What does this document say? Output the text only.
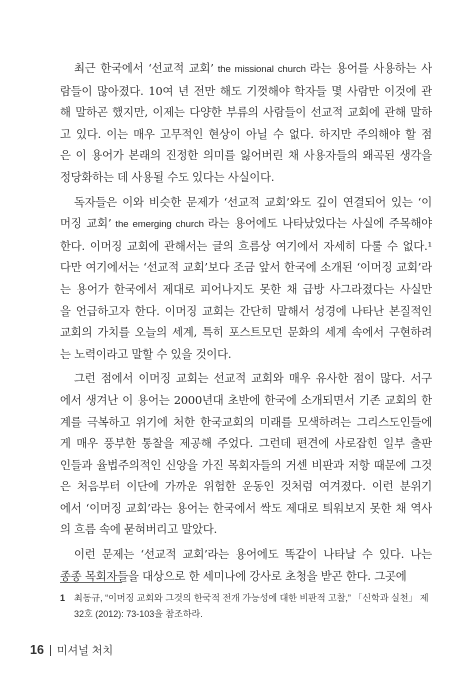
최근 한국에서 ‘선교적 교회’ the missional church 라는 용어를 사용하는 사

람들이 많아졌다. 10여 년 전만 해도 기껏해야 학자들 몇 사람만 이것에 관

해 말하곤 했지만, 이제는 다양한 부류의 사람들이 선교적 교회에 관해 말하

고 있다. 이는 매우 고무적인 현상이 아닐 수 없다. 하지만 주의해야 할 점

은 이 용어가 본래의 진정한 의미를 잃어버린 채 사용자들의 왜곡된 생각을

정당화하는 데 사용될 수도 있다는 사실이다.

독자들은 이와 비슷한 문제가 ‘선교적 교회’와도 깊이 연결되어 있는 ‘이

머징 교회’ the emerging church 라는 용어에도 나타났었다는 사실에 주목해야

한다. 이머징 교회에 관해서는 글의 흐름상 여기에서 자세히 다룰 수 없다.¹

다만 여기에서는 ‘선교적 교회’보다 조금 앞서 한국에 소개된 ‘이머징 교회’라

는 용어가 한국에서 제대로 피어나지도 못한 채 급방 사그라졌다는 사실만

을 언급하고자 한다. 이머징 교회는 간단히 말해서 성경에 나타난 본질적인

교회의 가치를 오늘의 세계, 특히 포스트모던 문화의 세계 속에서 구현하려

는 노력이라고 말할 수 있을 것이다.

그런 점에서 이머징 교회는 선교적 교회와 매우 유사한 점이 많다. 서구

에서 생겨난 이 용어는 2000년대 초반에 한국에 소개되면서 기존 교회의 한

계를 극복하고 위기에 처한 한국교회의 미래를 모색하려는 그리스도인들에

게 매우 풍부한 통찰을 제공해 주었다. 그런데 편견에 사로잡힌 일부 출판

인들과 율법주의적인 신앙을 가진 목회자들의 거센 비판과 저항 때문에 그것

은 처음부터 이단에 가까운 위험한 운동인 것처럼 여겨졌다. 이런 분위기

에서 ‘이머징 교회’라는 용어는 한국에서 싹도 제대로 틔워보지 못한 채 역사

의 흐름 속에 묻혀버리고 말았다.

이런 문제는 ‘선교적 교회’라는 용어에도 똑같이 나타날 수 있다. 나는

종종 목회자들을 대상으로 한 세미나에 강사로 초청을 받곤 한다. 그곳에

1 최동규, “이머징 교회와 그것의 한국적 전개 가능성에 대한 비판적 고찰,” 「신학과 실천」 제
32호 (2012): 73-103을 참조하라.
16 미셔널 처치
